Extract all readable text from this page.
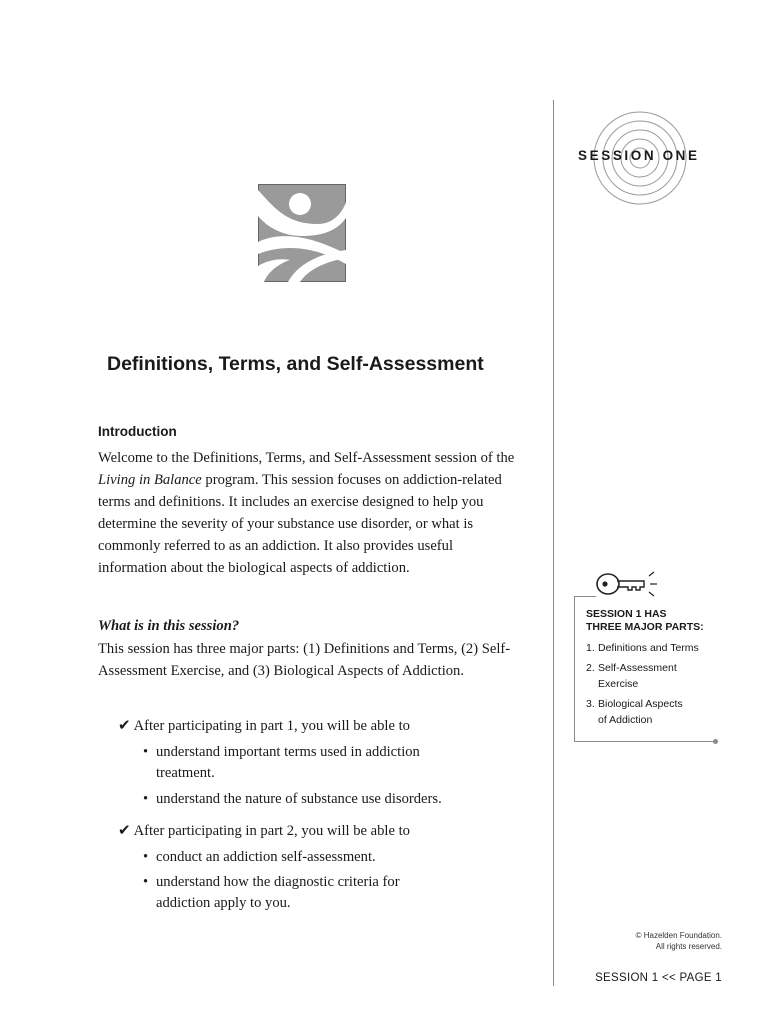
SESSION ONE
Definitions, Terms, and Self-Assessment
Introduction
Welcome to the Definitions, Terms, and Self-Assessment session of the Living in Balance program. This session focuses on addiction-related terms and definitions. It includes an exercise designed to help you determine the severity of your substance use disorder, or what is commonly referred to as an addiction. It also provides useful information about the biological aspects of addiction.
What is in this session?
This session has three major parts: (1) Definitions and Terms, (2) Self-Assessment Exercise, and (3) Biological Aspects of Addiction.
✔ After participating in part 1, you will be able to
• understand important terms used in addiction
treatment.
• understand the nature of substance use disorders.
✔ After participating in part 2, you will be able to
• conduct an addiction self-assessment.
• understand how the diagnostic criteria for
addiction apply to you.
SESSION 1 HAS
THREE MAJOR PARTS:
1. Definitions and Terms
2. Self-Assessment
Exercise
3. Biological Aspects
of Addiction
© Hazelden Foundation.
All rights reserved.
SESSION 1 << PAGE 1
